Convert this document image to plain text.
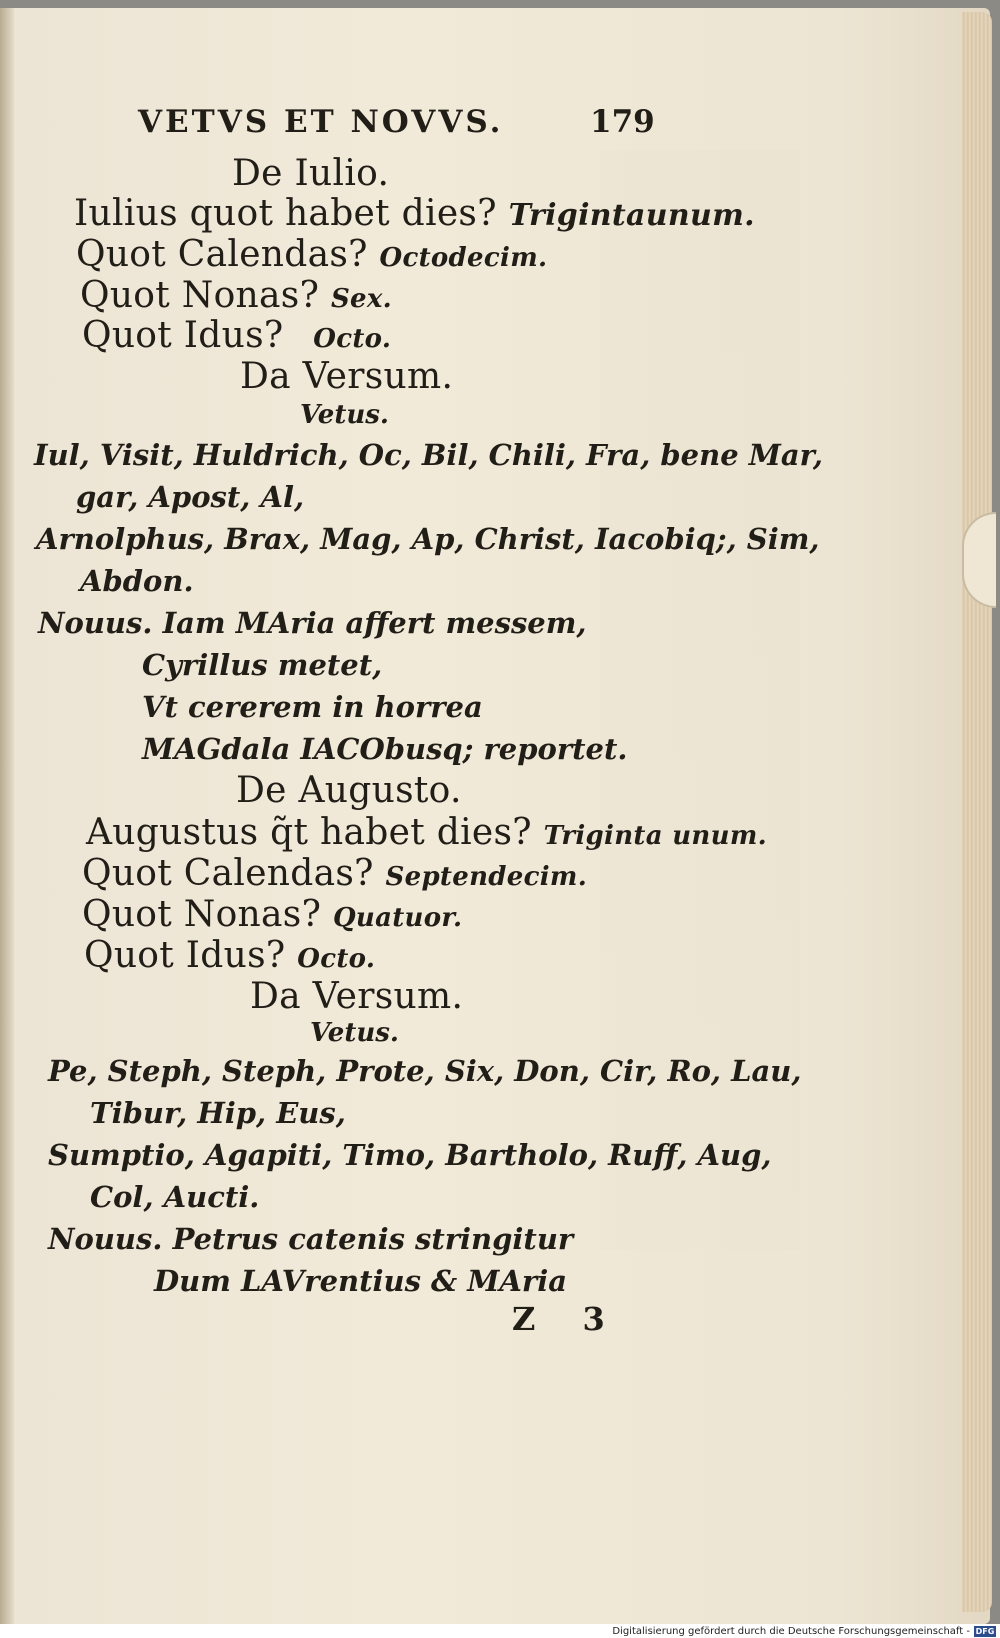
VETVS ET NOVVS.	179
De Iulio.
Iulius quot habet dies? Trigintaunum.
Quot Calendas? Octodecim.
Quot Nonas? Sex.
Quot Idus? Octo.
Da Versum.
Vetus.
Iul, Visit, Huldrich, Oc, Bil, Chili, Fra, bene Mar,
gar, Apost, Al,
Arnolphus, Brax, Mag, Ap, Christ, Iacobiq;, Sim,
Abdon.
Nouus. Iam MAria affert messem,
Cyrillus metet,
Vt cererem in horrea
MAGdala IACObusq; reportet.
De Augusto.
Augustus q̃t habet dies? Triginta unum.
Quot Calendas? Septendecim.
Quot Nonas? Quatuor.
Quot Idus? Octo.
Da Versum.
Vetus.
Pe, Steph, Steph, Prote, Six, Don, Cir, Ro, Lau,
Tibur, Hip, Eus,
Sumptio, Agapiti, Timo, Bartholo, Ruff, Aug,
Col, Aucti.
Nouus. Petrus catenis stringitur
Dum LAVrentius & MAria
Z 3
Digitalisierung gefördert durch die Deutsche Forschungsgemeinschaft - DFG
